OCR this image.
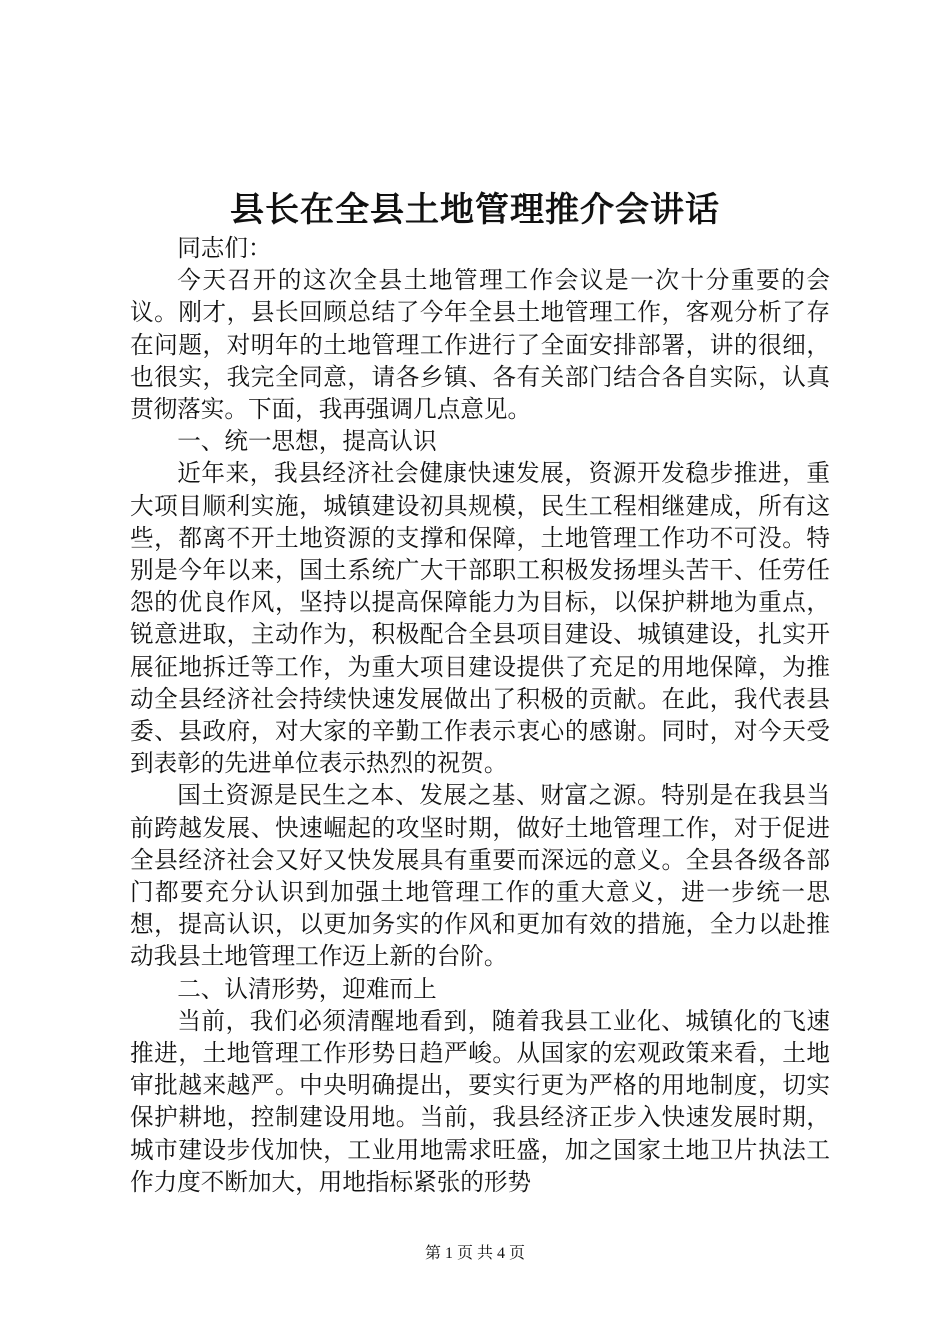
县长在全县土地管理推介会讲话

同志们：

今天召开的这次全县土地管理工作会议是一次十分重要的会议。刚才，县长回顾总结了今年全县土地管理工作，客观分析了存在问题，对明年的土地管理工作进行了全面安排部署，讲的很细，也很实，我完全同意，请各乡镇、各有关部门结合各自实际，认真贯彻落实。下面，我再强调几点意见。

一、统一思想，提高认识

近年来，我县经济社会健康快速发展，资源开发稳步推进，重大项目顺利实施，城镇建设初具规模，民生工程相继建成，所有这些，都离不开土地资源的支撑和保障，土地管理工作功不可没。特别是今年以来，国土系统广大干部职工积极发扬埋头苦干、任劳任怨的优良作风，坚持以提高保障能力为目标，以保护耕地为重点，锐意进取，主动作为，积极配合全县项目建设、城镇建设，扎实开展征地拆迁等工作，为重大项目建设提供了充足的用地保障，为推动全县经济社会持续快速发展做出了积极的贡献。在此，我代表县委、县政府，对大家的辛勤工作表示衷心的感谢。同时，对今天受到表彰的先进单位表示热烈的祝贺。

国土资源是民生之本、发展之基、财富之源。特别是在我县当前跨越发展、快速崛起的攻坚时期，做好土地管理工作，对于促进全县经济社会又好又快发展具有重要而深远的意义。全县各级各部门都要充分认识到加强土地管理工作的重大意义，进一步统一思想，提高认识，以更加务实的作风和更加有效的措施，全力以赴推动我县土地管理工作迈上新的台阶。

二、认清形势，迎难而上

当前，我们必须清醒地看到，随着我县工业化、城镇化的飞速推进，土地管理工作形势日趋严峻。从国家的宏观政策来看，土地审批越来越严。中央明确提出，要实行更为严格的用地制度，切实保护耕地，控制建设用地。当前，我县经济正步入快速发展时期，城市建设步伐加快，工业用地需求旺盛，加之国家土地卫片执法工作力度不断加大，用地指标紧张的形势

第 1 页 共 4 页
